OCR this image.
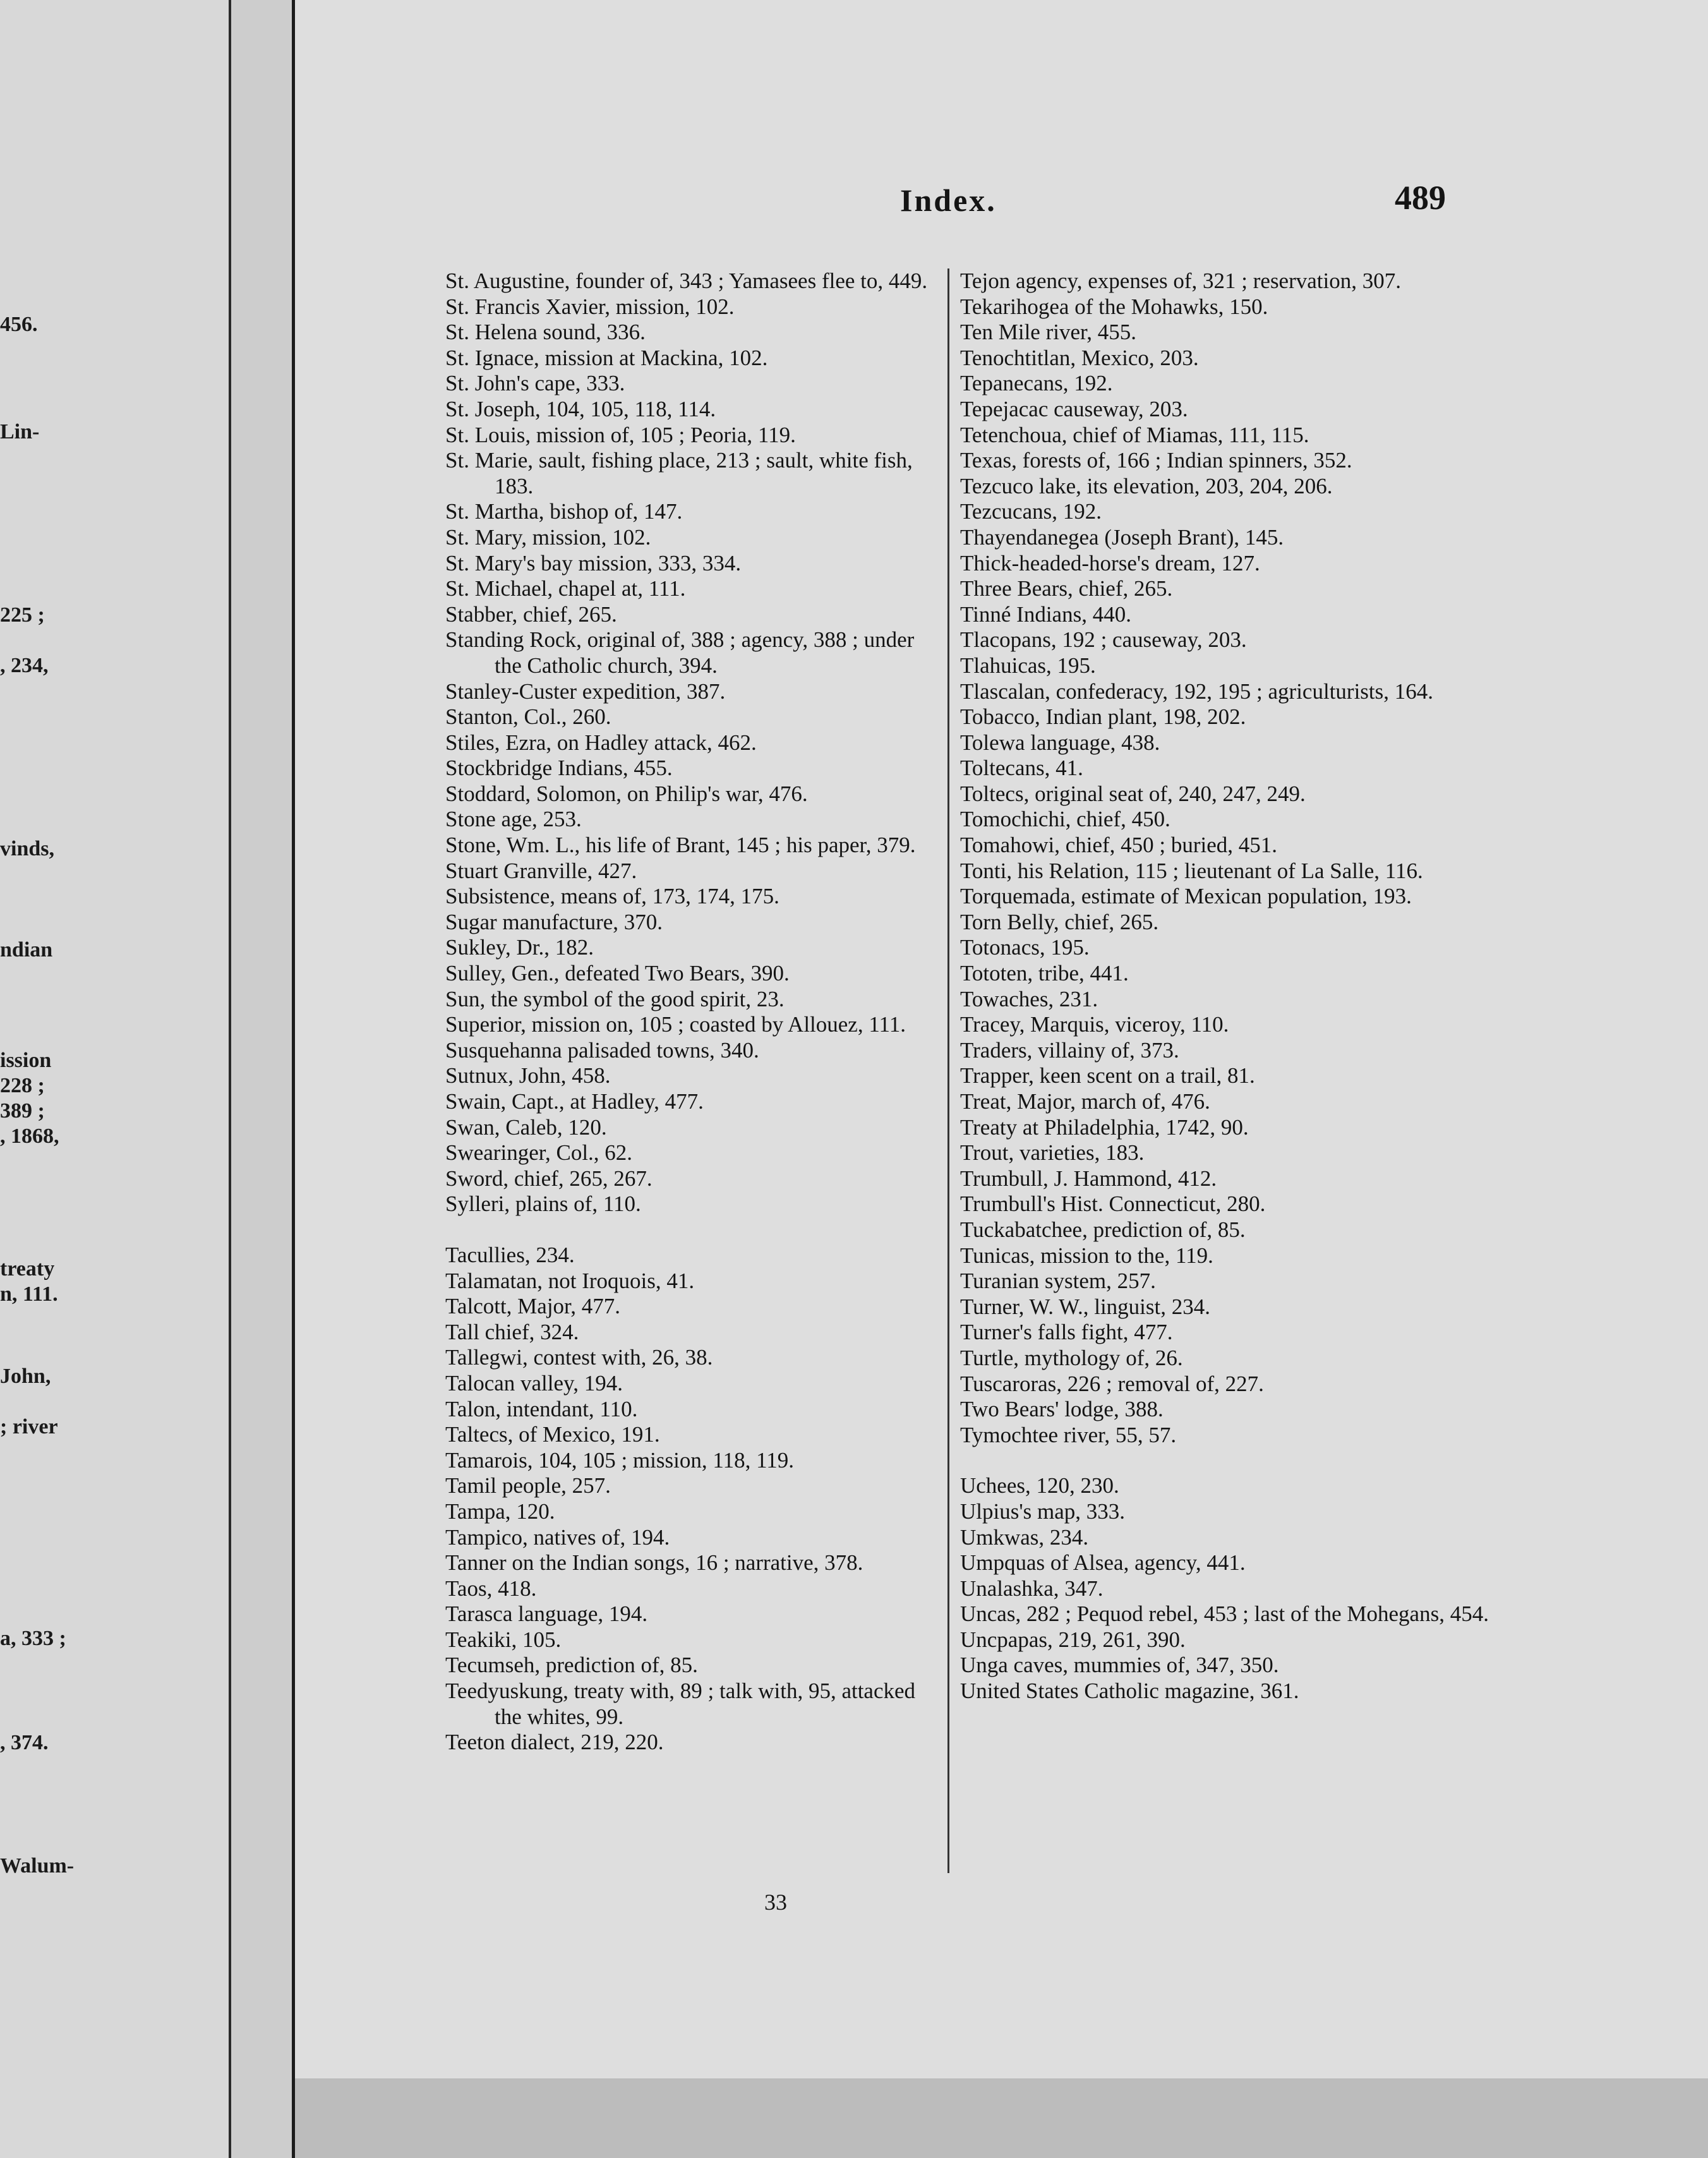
456.
Lin-
225 ;
, 234,
vinds,
ndian
ission
228 ;
389 ;
, 1868,
treaty
n, 111.
John,
; river
a, 333 ;
, 374.
Walum-
Index.	489
St. Augustine, founder of, 343 ; Yamasees flee to, 449.
St. Francis Xavier, mission, 102.
St. Helena sound, 336.
St. Ignace, mission at Mackina, 102.
St. John's cape, 333.
St. Joseph, 104, 105, 118, 114.
St. Louis, mission of, 105 ; Peoria, 119.
St. Marie, sault, fishing place, 213 ; sault, white fish, 183.
St. Martha, bishop of, 147.
St. Mary, mission, 102.
St. Mary's bay mission, 333, 334.
St. Michael, chapel at, 111.
Stabber, chief, 265.
Standing Rock, original of, 388 ; agency, 388 ; under the Catholic church, 394.
Stanley-Custer expedition, 387.
Stanton, Col., 260.
Stiles, Ezra, on Hadley attack, 462.
Stockbridge Indians, 455.
Stoddard, Solomon, on Philip's war, 476.
Stone age, 253.
Stone, Wm. L., his life of Brant, 145 ; his paper, 379.
Stuart Granville, 427.
Subsistence, means of, 173, 174, 175.
Sugar manufacture, 370.
Sukley, Dr., 182.
Sulley, Gen., defeated Two Bears, 390.
Sun, the symbol of the good spirit, 23.
Superior, mission on, 105 ; coasted by Allouez, 111.
Susquehanna palisaded towns, 340.
Sutnux, John, 458.
Swain, Capt., at Hadley, 477.
Swan, Caleb, 120.
Swearinger, Col., 62.
Sword, chief, 265, 267.
Sylleri, plains of, 110.
Tacullies, 234.
Talamatan, not Iroquois, 41.
Talcott, Major, 477.
Tall chief, 324.
Tallegwi, contest with, 26, 38.
Talocan valley, 194.
Talon, intendant, 110.
Taltecs, of Mexico, 191.
Tamarois, 104, 105 ; mission, 118, 119.
Tamil people, 257.
Tampa, 120.
Tampico, natives of, 194.
Tanner on the Indian songs, 16 ; narrative, 378.
Taos, 418.
Tarasca language, 194.
Teakiki, 105.
Tecumseh, prediction of, 85.
Teedyuskung, treaty with, 89 ; talk with, 95, attacked the whites, 99.
Teeton dialect, 219, 220.
Tejon agency, expenses of, 321 ; reservation, 307.
Tekarihogea of the Mohawks, 150.
Ten Mile river, 455.
Tenochtitlan, Mexico, 203.
Tepanecans, 192.
Tepejacac causeway, 203.
Tetenchoua, chief of Miamas, 111, 115.
Texas, forests of, 166 ; Indian spinners, 352.
Tezcuco lake, its elevation, 203, 204, 206.
Tezcucans, 192.
Thayendanegea (Joseph Brant), 145.
Thick-headed-horse's dream, 127.
Three Bears, chief, 265.
Tinné Indians, 440.
Tlacopans, 192 ; causeway, 203.
Tlahuicas, 195.
Tlascalan, confederacy, 192, 195 ; agriculturists, 164.
Tobacco, Indian plant, 198, 202.
Tolewa language, 438.
Toltecans, 41.
Toltecs, original seat of, 240, 247, 249.
Tomochichi, chief, 450.
Tomahowi, chief, 450 ; buried, 451.
Tonti, his Relation, 115 ; lieutenant of La Salle, 116.
Torquemada, estimate of Mexican population, 193.
Torn Belly, chief, 265.
Totonacs, 195.
Tototen, tribe, 441.
Towaches, 231.
Tracey, Marquis, viceroy, 110.
Traders, villainy of, 373.
Trapper, keen scent on a trail, 81.
Treat, Major, march of, 476.
Treaty at Philadelphia, 1742, 90.
Trout, varieties, 183.
Trumbull, J. Hammond, 412.
Trumbull's Hist. Connecticut, 280.
Tuckabatchee, prediction of, 85.
Tunicas, mission to the, 119.
Turanian system, 257.
Turner, W. W., linguist, 234.
Turner's falls fight, 477.
Turtle, mythology of, 26.
Tuscaroras, 226 ; removal of, 227.
Two Bears' lodge, 388.
Tymochtee river, 55, 57.
Uchees, 120, 230.
Ulpius's map, 333.
Umkwas, 234.
Umpquas of Alsea, agency, 441.
Unalashka, 347.
Uncas, 282 ; Pequod rebel, 453 ; last of the Mohegans, 454.
Uncpapas, 219, 261, 390.
Unga caves, mummies of, 347, 350.
United States Catholic magazine, 361.
33
